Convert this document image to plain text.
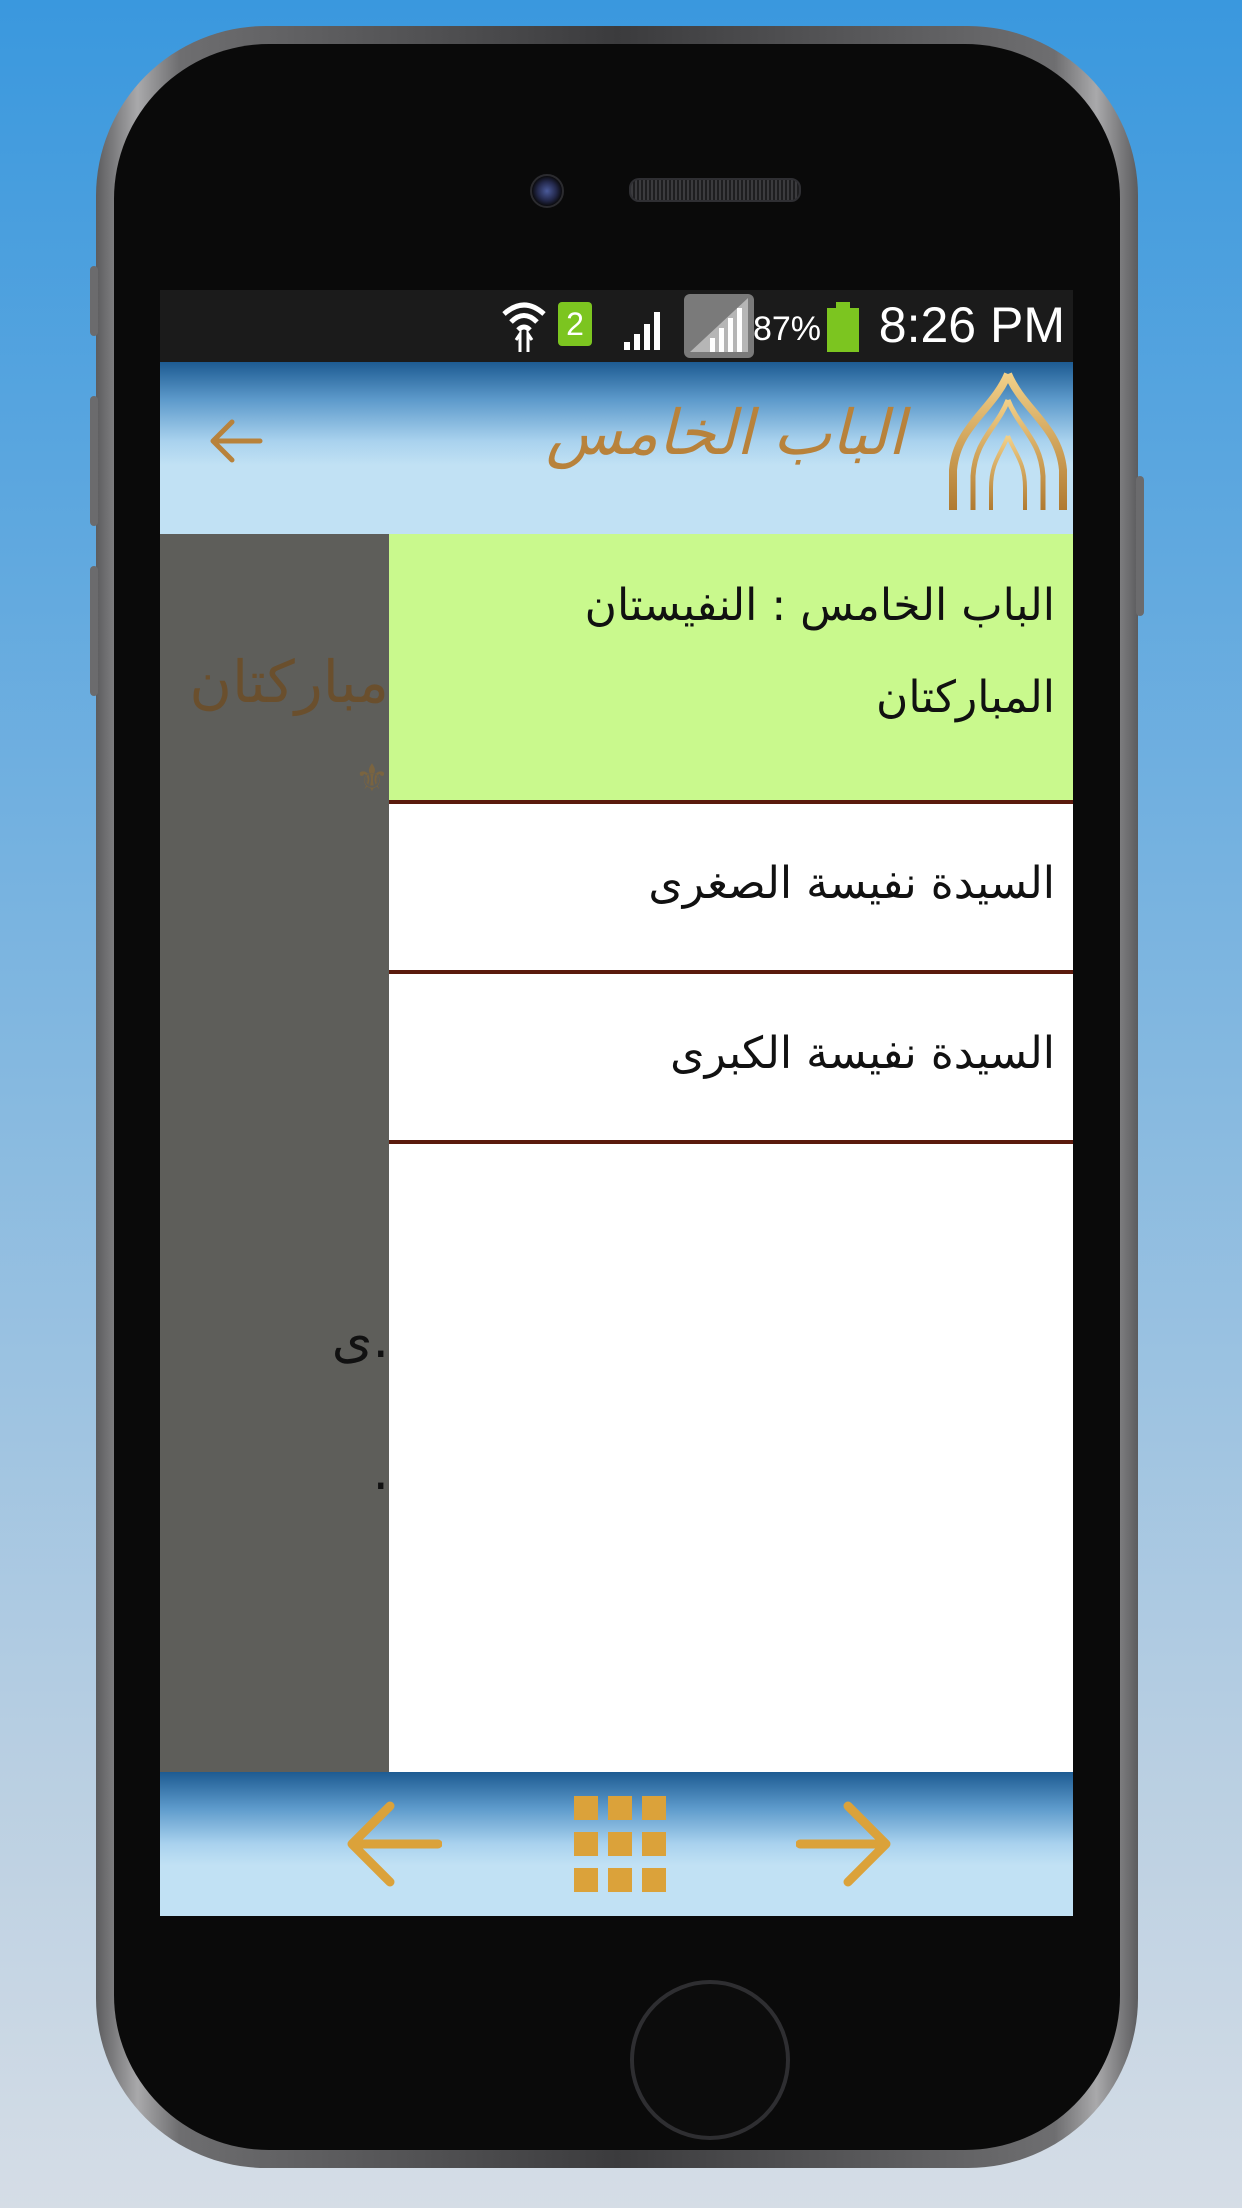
2	87% 8:26 PM
الباب الخامس
مباركتان
⚜
ى.
.
الباب الخامس : النفيستان
المباركتان
السيدة نفيسة الصغرى
السيدة نفيسة الكبرى
